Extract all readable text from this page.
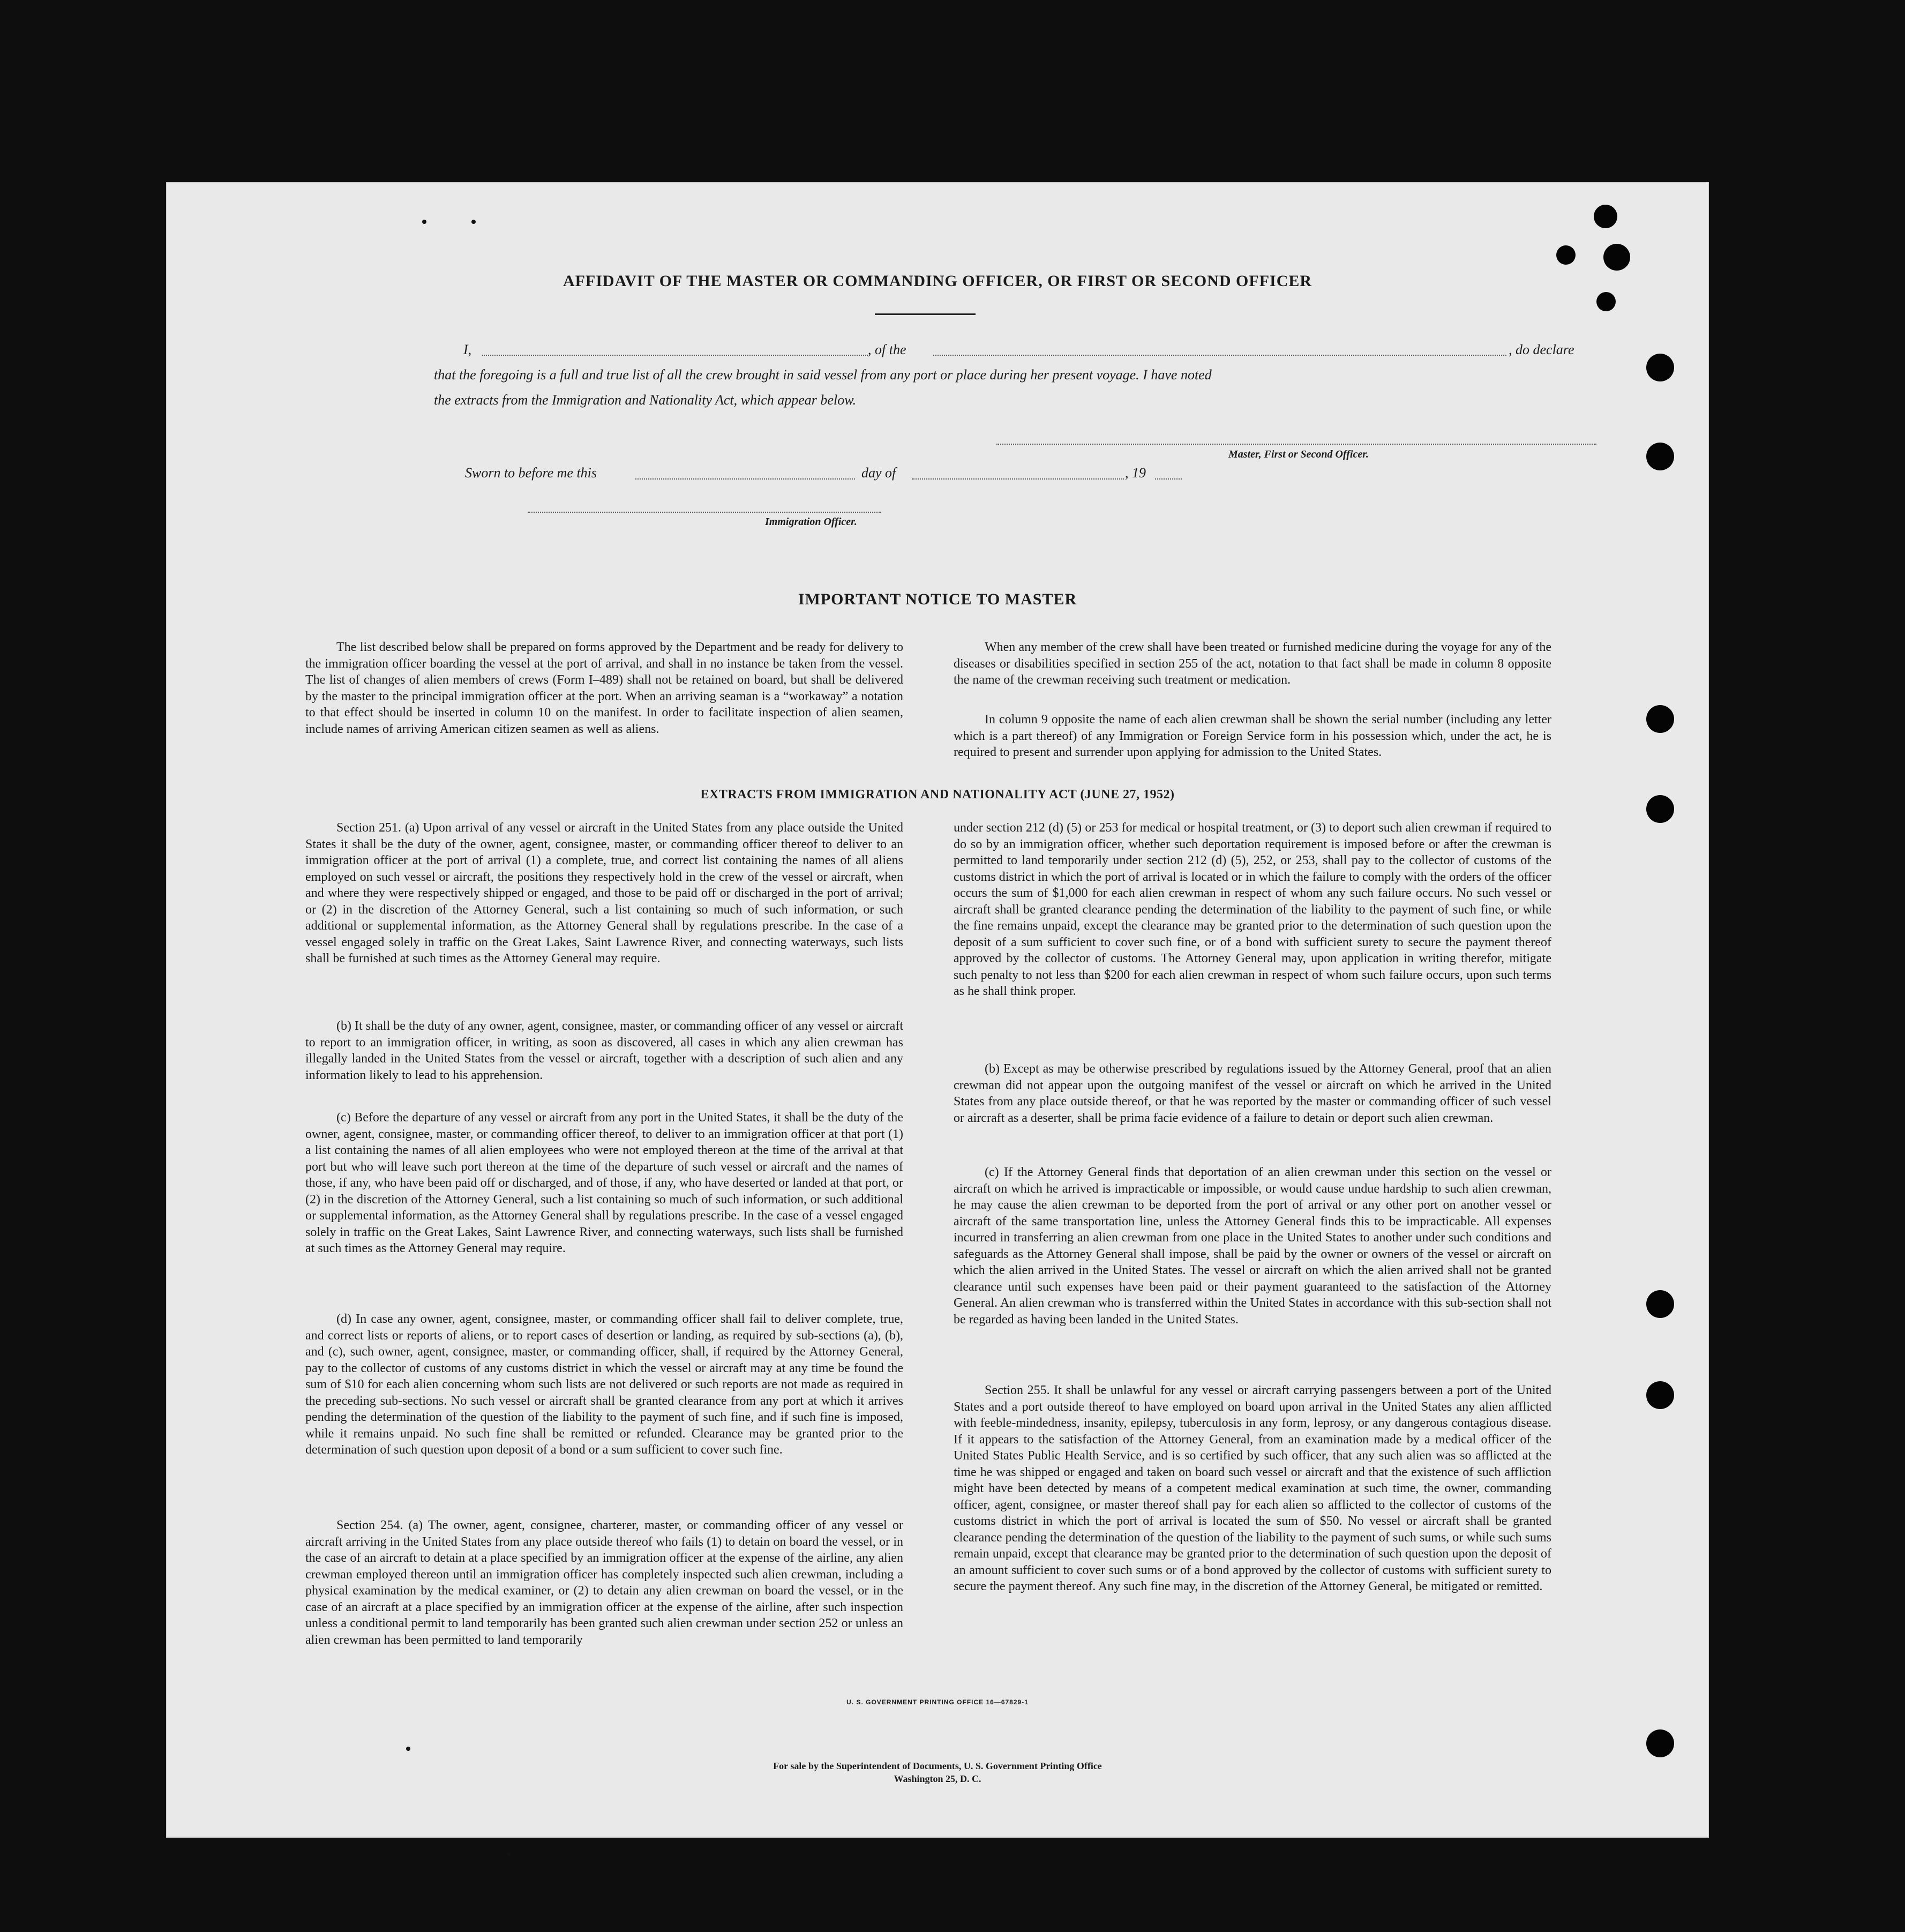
AFFIDAVIT OF THE MASTER OR COMMANDING OFFICER, OR FIRST OR SECOND OFFICER
I,	, of the	, do declare
that the foregoing is a full and true list of all the crew brought in said vessel from any port or place during her present voyage. I have noted
the extracts from the Immigration and Nationality Act, which appear below.
Master, First or Second Officer.
Sworn to before me this	day of	, 19
Immigration Officer.
IMPORTANT NOTICE TO MASTER

The list described below shall be prepared on forms approved by the Department and be ready for delivery to the immigration officer boarding the vessel at the port of arrival, and shall in no instance be taken from the vessel. The list of changes of alien members of crews (Form I–489) shall not be retained on board, but shall be delivered by the master to the principal immigration officer at the port. When an arriving seaman is a “workaway” a notation to that effect should be inserted in column 10 on the manifest. In order to facilitate inspection of alien seamen, include names of arriving American citizen seamen as well as aliens.

When any member of the crew shall have been treated or furnished medicine during the voyage for any of the diseases or disabilities specified in section 255 of the act, notation to that fact shall be made in column 8 opposite the name of the crewman receiving such treatment or medication.

In column 9 opposite the name of each alien crewman shall be shown the serial number (including any letter which is a part thereof) of any Immigration or Foreign Service form in his possession which, under the act, he is required to present and surrender upon applying for admission to the United States.

EXTRACTS FROM IMMIGRATION AND NATIONALITY ACT (JUNE 27, 1952)

Section 251. (a) Upon arrival of any vessel or aircraft in the United States from any place outside the United States it shall be the duty of the owner, agent, consignee, master, or commanding officer thereof to deliver to an immigration officer at the port of arrival (1) a complete, true, and correct list containing the names of all aliens employed on such vessel or aircraft, the positions they respectively hold in the crew of the vessel or aircraft, when and where they were respectively shipped or engaged, and those to be paid off or discharged in the port of arrival; or (2) in the discretion of the Attorney General, such a list containing so much of such information, or such additional or supplemental information, as the Attorney General shall by regulations prescribe. In the case of a vessel engaged solely in traffic on the Great Lakes, Saint Lawrence River, and connecting waterways, such lists shall be furnished at such times as the Attorney General may require.

(b) It shall be the duty of any owner, agent, consignee, master, or commanding officer of any vessel or aircraft to report to an immigration officer, in writing, as soon as discovered, all cases in which any alien crewman has illegally landed in the United States from the vessel or aircraft, together with a description of such alien and any information likely to lead to his apprehension.

(c) Before the departure of any vessel or aircraft from any port in the United States, it shall be the duty of the owner, agent, consignee, master, or commanding officer thereof, to deliver to an immigration officer at that port (1) a list containing the names of all alien employees who were not employed thereon at the time of the arrival at that port but who will leave such port thereon at the time of the departure of such vessel or aircraft and the names of those, if any, who have been paid off or discharged, and of those, if any, who have deserted or landed at that port, or (2) in the discretion of the Attorney General, such a list containing so much of such information, or such additional or supplemental information, as the Attorney General shall by regulations prescribe. In the case of a vessel engaged solely in traffic on the Great Lakes, Saint Lawrence River, and connecting waterways, such lists shall be furnished at such times as the Attorney General may require.

(d) In case any owner, agent, consignee, master, or commanding officer shall fail to deliver complete, true, and correct lists or reports of aliens, or to report cases of desertion or landing, as required by sub-sections (a), (b), and (c), such owner, agent, consignee, master, or commanding officer, shall, if required by the Attorney General, pay to the collector of customs of any customs district in which the vessel or aircraft may at any time be found the sum of $10 for each alien concerning whom such lists are not delivered or such reports are not made as required in the preceding sub-sections. No such vessel or aircraft shall be granted clearance from any port at which it arrives pending the determination of the question of the liability to the payment of such fine, and if such fine is imposed, while it remains unpaid. No such fine shall be remitted or refunded. Clearance may be granted prior to the determination of such question upon deposit of a bond or a sum sufficient to cover such fine.

Section 254. (a) The owner, agent, consignee, charterer, master, or commanding officer of any vessel or aircraft arriving in the United States from any place outside thereof who fails (1) to detain on board the vessel, or in the case of an aircraft to detain at a place specified by an immigration officer at the expense of the airline, any alien crewman employed thereon until an immigration officer has completely inspected such alien crewman, including a physical examination by the medical examiner, or (2) to detain any alien crewman on board the vessel, or in the case of an aircraft at a place specified by an immigration officer at the expense of the airline, after such inspection unless a conditional permit to land temporarily has been granted such alien crewman under section 252 or unless an alien crewman has been permitted to land temporarily

under section 212 (d) (5) or 253 for medical or hospital treatment, or (3) to deport such alien crewman if required to do so by an immigration officer, whether such deportation requirement is imposed before or after the crewman is permitted to land temporarily under section 212 (d) (5), 252, or 253, shall pay to the collector of customs of the customs district in which the port of arrival is located or in which the failure to comply with the orders of the officer occurs the sum of $1,000 for each alien crewman in respect of whom any such failure occurs. No such vessel or aircraft shall be granted clearance pending the determination of the liability to the payment of such fine, or while the fine remains unpaid, except the clearance may be granted prior to the determination of such question upon the deposit of a sum sufficient to cover such fine, or of a bond with sufficient surety to secure the payment thereof approved by the collector of customs. The Attorney General may, upon application in writing therefor, mitigate such penalty to not less than $200 for each alien crewman in respect of whom such failure occurs, upon such terms as he shall think proper.

(b) Except as may be otherwise prescribed by regulations issued by the Attorney General, proof that an alien crewman did not appear upon the outgoing manifest of the vessel or aircraft on which he arrived in the United States from any place outside thereof, or that he was reported by the master or commanding officer of such vessel or aircraft as a deserter, shall be prima facie evidence of a failure to detain or deport such alien crewman.

(c) If the Attorney General finds that deportation of an alien crewman under this section on the vessel or aircraft on which he arrived is impracticable or impossible, or would cause undue hardship to such alien crewman, he may cause the alien crewman to be deported from the port of arrival or any other port on another vessel or aircraft of the same transportation line, unless the Attorney General finds this to be impracticable. All expenses incurred in transferring an alien crewman from one place in the United States to another under such conditions and safeguards as the Attorney General shall impose, shall be paid by the owner or owners of the vessel or aircraft on which the alien arrived in the United States. The vessel or aircraft on which the alien arrived shall not be granted clearance until such expenses have been paid or their payment guaranteed to the satisfaction of the Attorney General. An alien crewman who is transferred within the United States in accordance with this sub-section shall not be regarded as having been landed in the United States.

Section 255. It shall be unlawful for any vessel or aircraft carrying passengers between a port of the United States and a port outside thereof to have employed on board upon arrival in the United States any alien afflicted with feeble-mindedness, insanity, epilepsy, tuberculosis in any form, leprosy, or any dangerous contagious disease. If it appears to the satisfaction of the Attorney General, from an examination made by a medical officer of the United States Public Health Service, and is so certified by such officer, that any such alien was so afflicted at the time he was shipped or engaged and taken on board such vessel or aircraft and that the existence of such affliction might have been detected by means of a competent medical examination at such time, the owner, commanding officer, agent, consignee, or master thereof shall pay for each alien so afflicted to the collector of customs of the customs district in which the port of arrival is located the sum of $50. No vessel or aircraft shall be granted clearance pending the determination of the question of the liability to the payment of such sums, or while such sums remain unpaid, except that clearance may be granted prior to the determination of such question upon the deposit of an amount sufficient to cover such sums or of a bond approved by the collector of customs with sufficient surety to secure the payment thereof. Any such fine may, in the discretion of the Attorney General, be mitigated or remitted.

U. S. GOVERNMENT PRINTING OFFICE 16—67829-1
For sale by the Superintendent of Documents, U. S. Government Printing Office
Washington 25, D. C.
